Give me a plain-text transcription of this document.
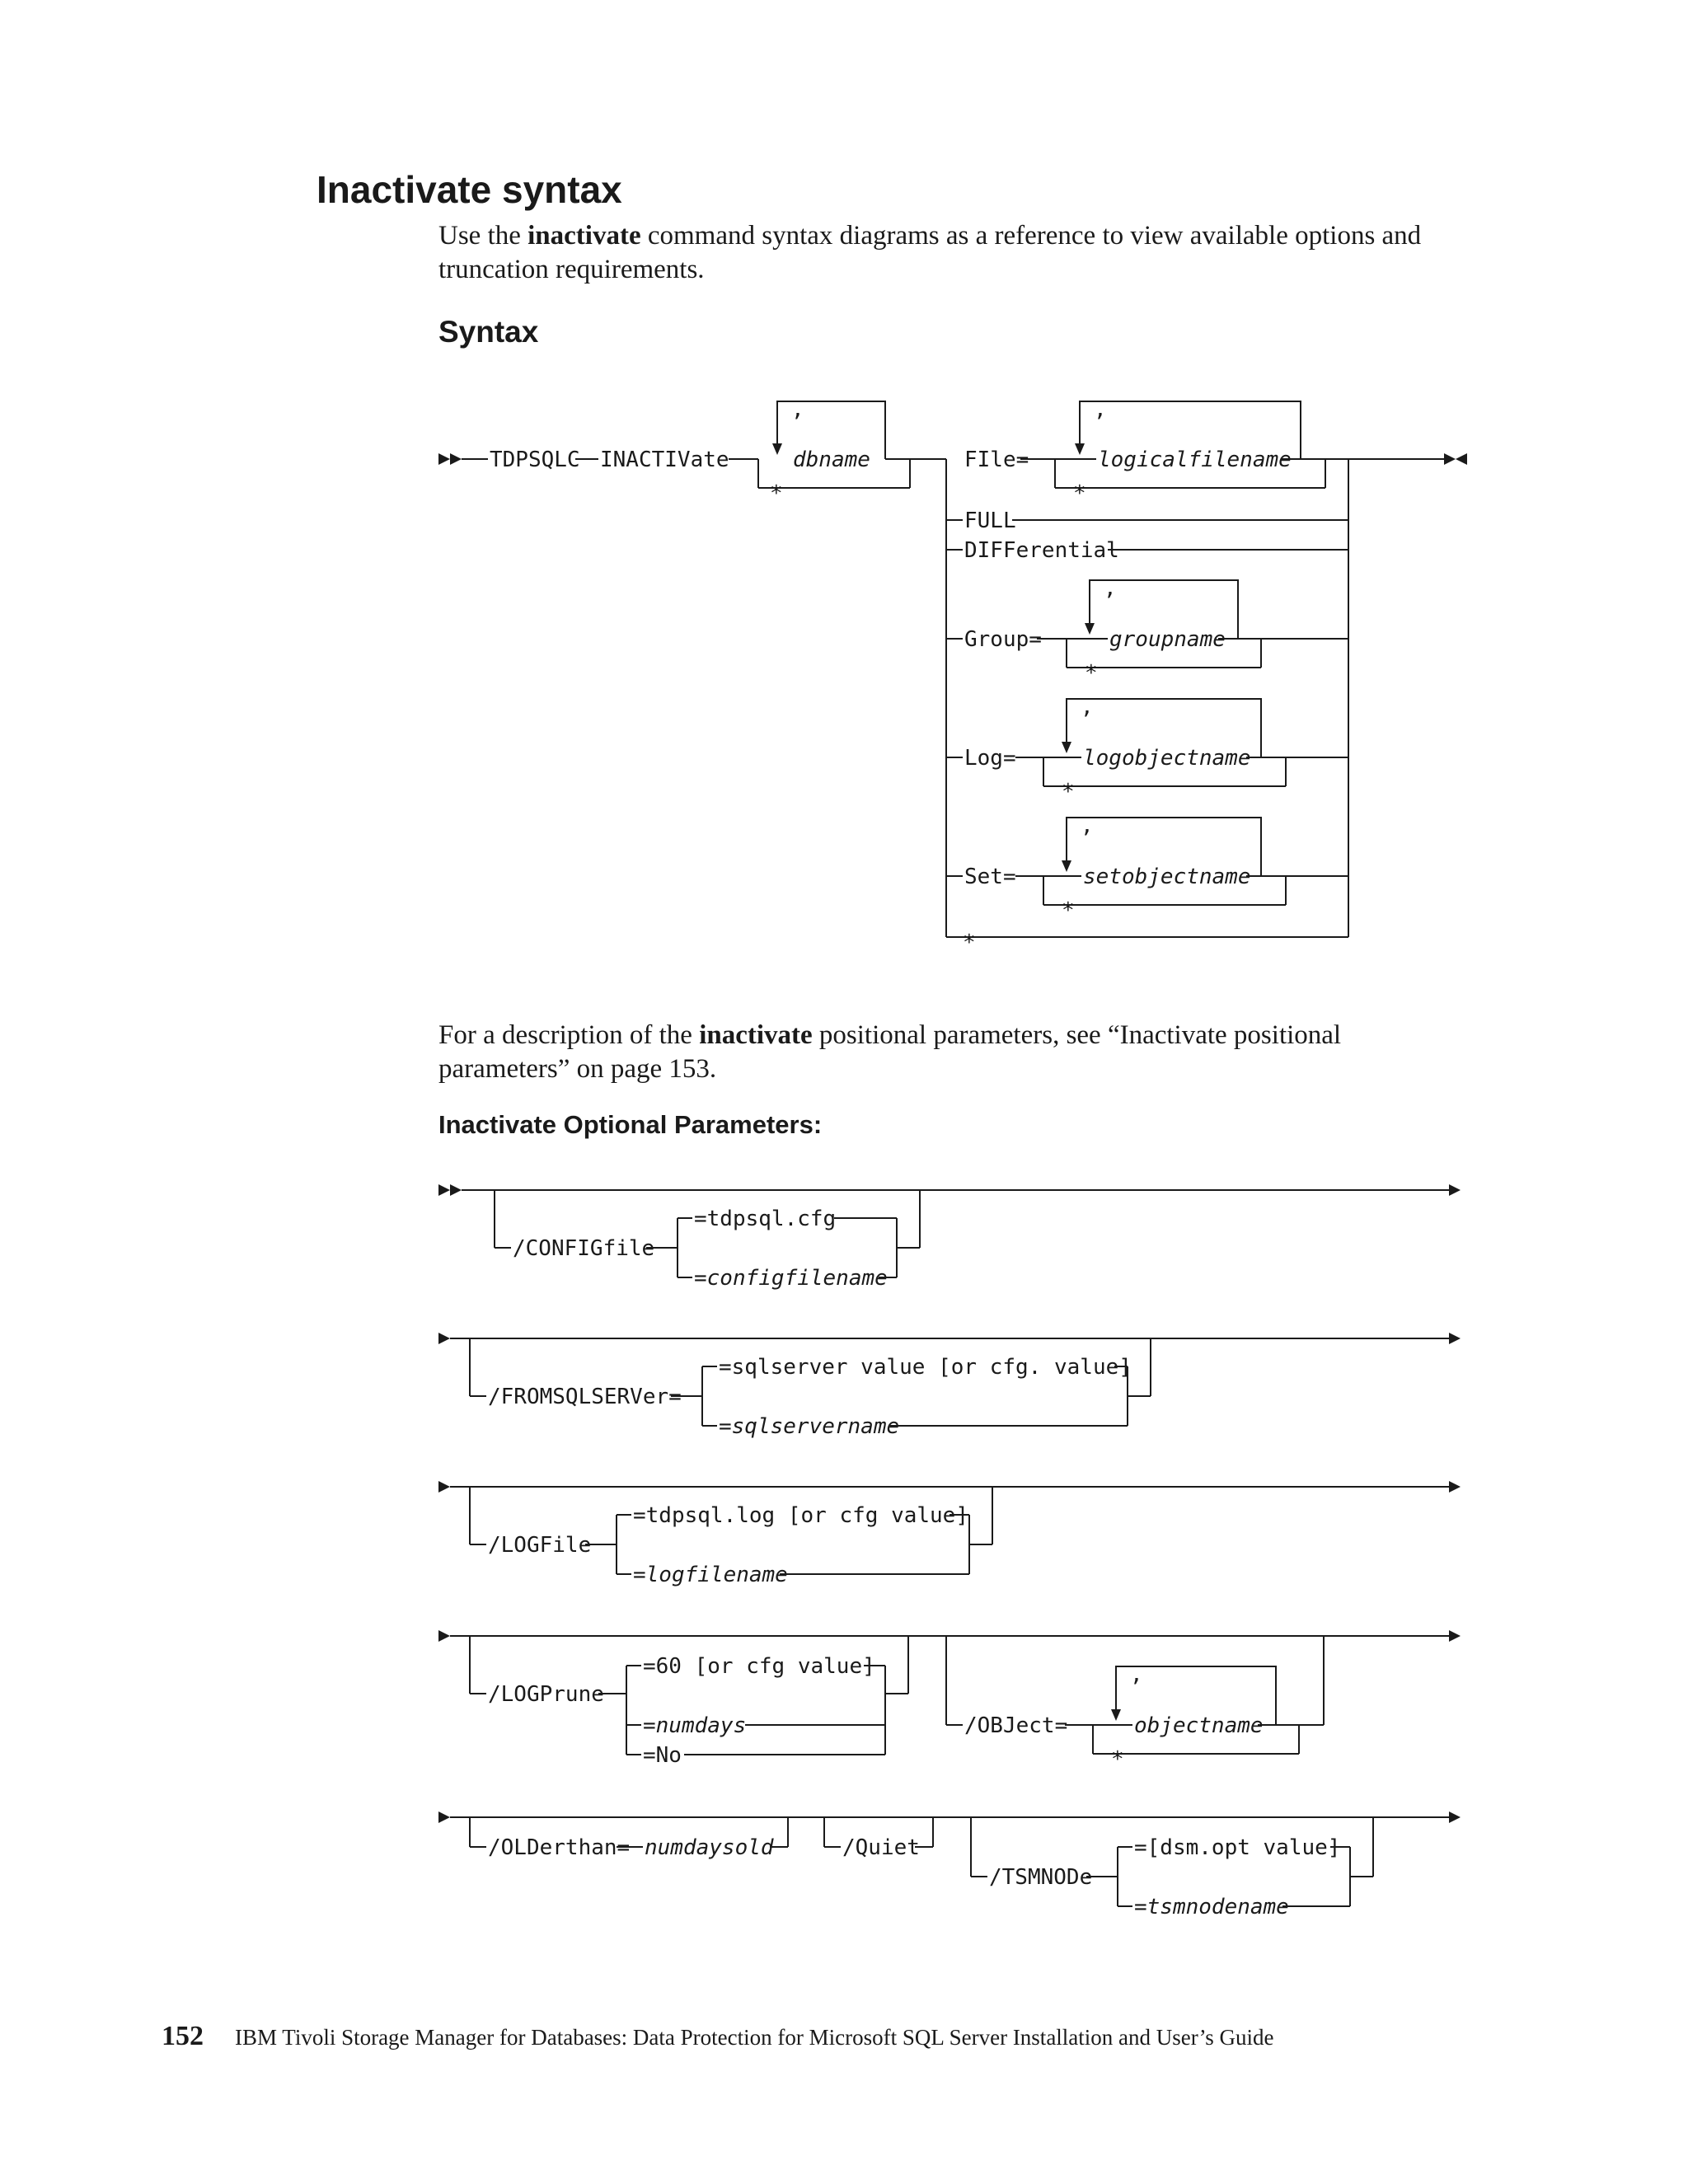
Inactivate syntax

Use the inactivate command syntax diagrams as a reference to view available options and truncation requirements.

Syntax
TDPSQLC INACTIVate
,
dbname
*
FIle=
,
logicalfilename
*
FULL
DIFFerential
Group=
,
groupname
*
Log=
,
logobjectname
*
Set=
,
setobjectname
*
*
/CONFIGfile
=tdpsql.cfg
=configfilename
/FROMSQLSERVer=
=sqlserver value [or cfg. value]
=sqlservername
/LOGFile
=tdpsql.log [or cfg value]
=logfilename
/LOGPrune
=60 [or cfg value]
=numdays
=No
/OBJect=
,
objectname
*
/OLDerthan= numdaysold	/Quiet
/TSMNODe
=[dsm.opt value]
=tsmnodename

For a description of the inactivate positional parameters, see “Inactivate positional parameters” on page 153.

Inactivate Optional Parameters:

152 IBM Tivoli Storage Manager for Databases: Data Protection for Microsoft SQL Server Installation and User’s Guide
